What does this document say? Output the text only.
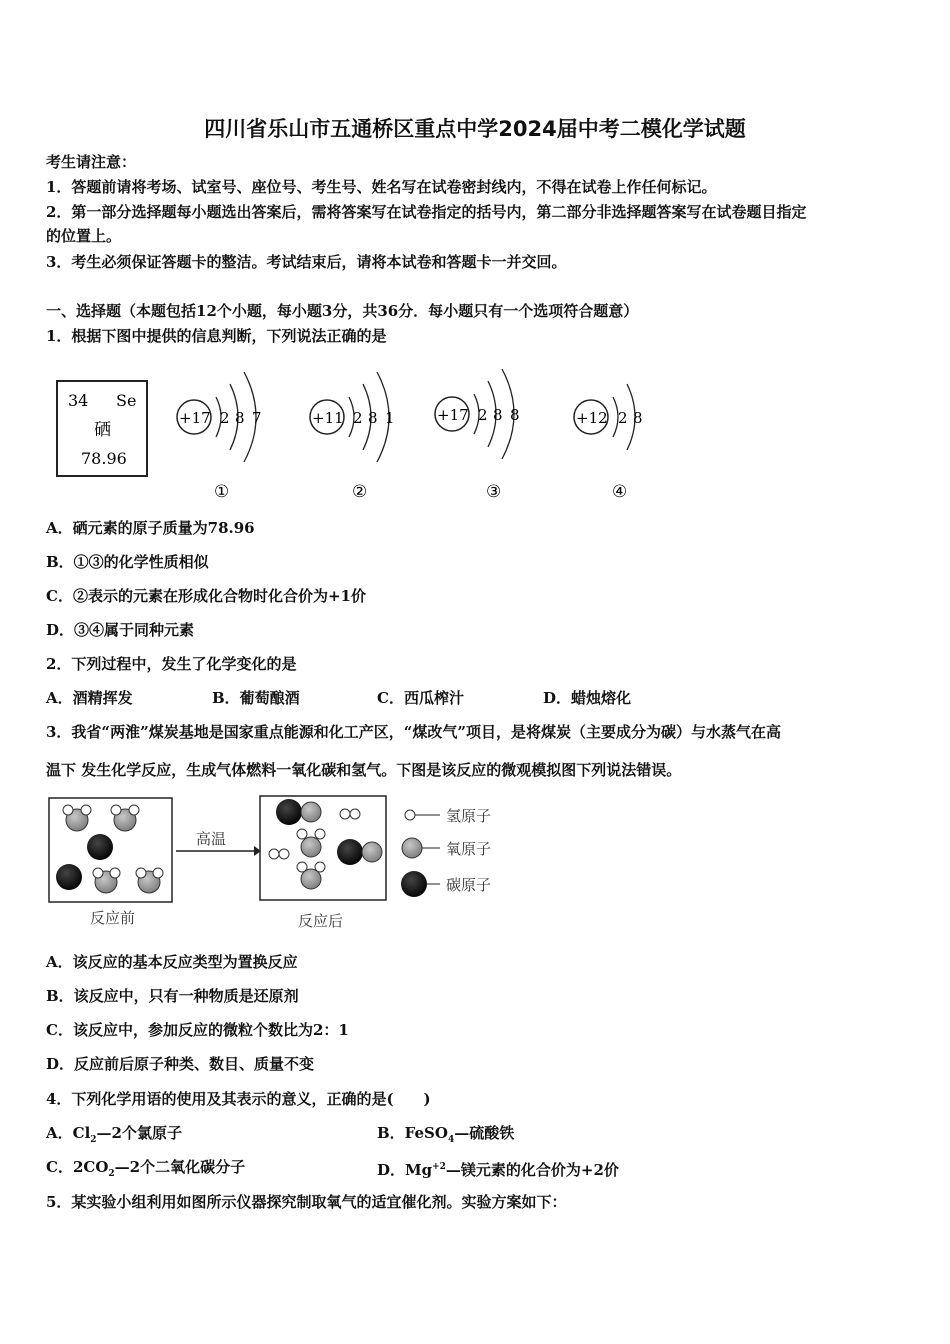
四川省乐山市五通桥区重点中学2024届中考二模化学试题
考生请注意：
1．答题前请将考场、试室号、座位号、考生号、姓名写在试卷密封线内，不得在试卷上作任何标记。
2．第一部分选择题每小题选出答案后，需将答案写在试卷指定的括号内，第二部分非选择题答案写在试卷题目指定
的位置上。
3．考生必须保证答题卡的整洁。考试结束后，请将本试卷和答题卡一并交回。
一、选择题（本题包括12个小题，每小题3分，共36分．每小题只有一个选项符合题意）
1．根据下图中提供的信息判断，下列说法正确的是
34 Se
硒
78.96
+17 2 8 7
①
+11 2 8 1
②
+17 2 8 8
③
+12 2 8
④
A．硒元素的原子质量为78.96
B．①③的化学性质相似
C．②表示的元素在形成化合物时化合价为+1价
D．③④属于同种元素
2．下列过程中，发生了化学变化的是
A．酒精挥发	B．葡萄酿酒	C．西瓜榨汁	D．蜡烛熔化
3．我省“两淮”煤炭基地是国家重点能源和化工产区，“煤改气”项目，是将煤炭（主要成分为碳）与水蒸气在高
温下 发生化学反应，生成气体燃料一氧化碳和氢气。下图是该反应的微观模拟图下列说法错误。
高温
氢原子
氧原子
碳原子
反应前	反应后
A．该反应的基本反应类型为置换反应
B．该反应中，只有一种物质是还原剂
C．该反应中，参加反应的微粒个数比为2：1
D．反应前后原子种类、数目、质量不变
4．下列化学用语的使用及其表示的意义，正确的是(　　)
A．$Cl_2—2$个氯原子	B．FeSO$_4$—硫酸铁
C．$2CO_2—2$个二氧化碳分子	D．$Mg^{+2}—$镁元素的化合价为+2价
5．某实验小组利用如图所示仪器探究制取氧气的适宜催化剂。实验方案如下：
